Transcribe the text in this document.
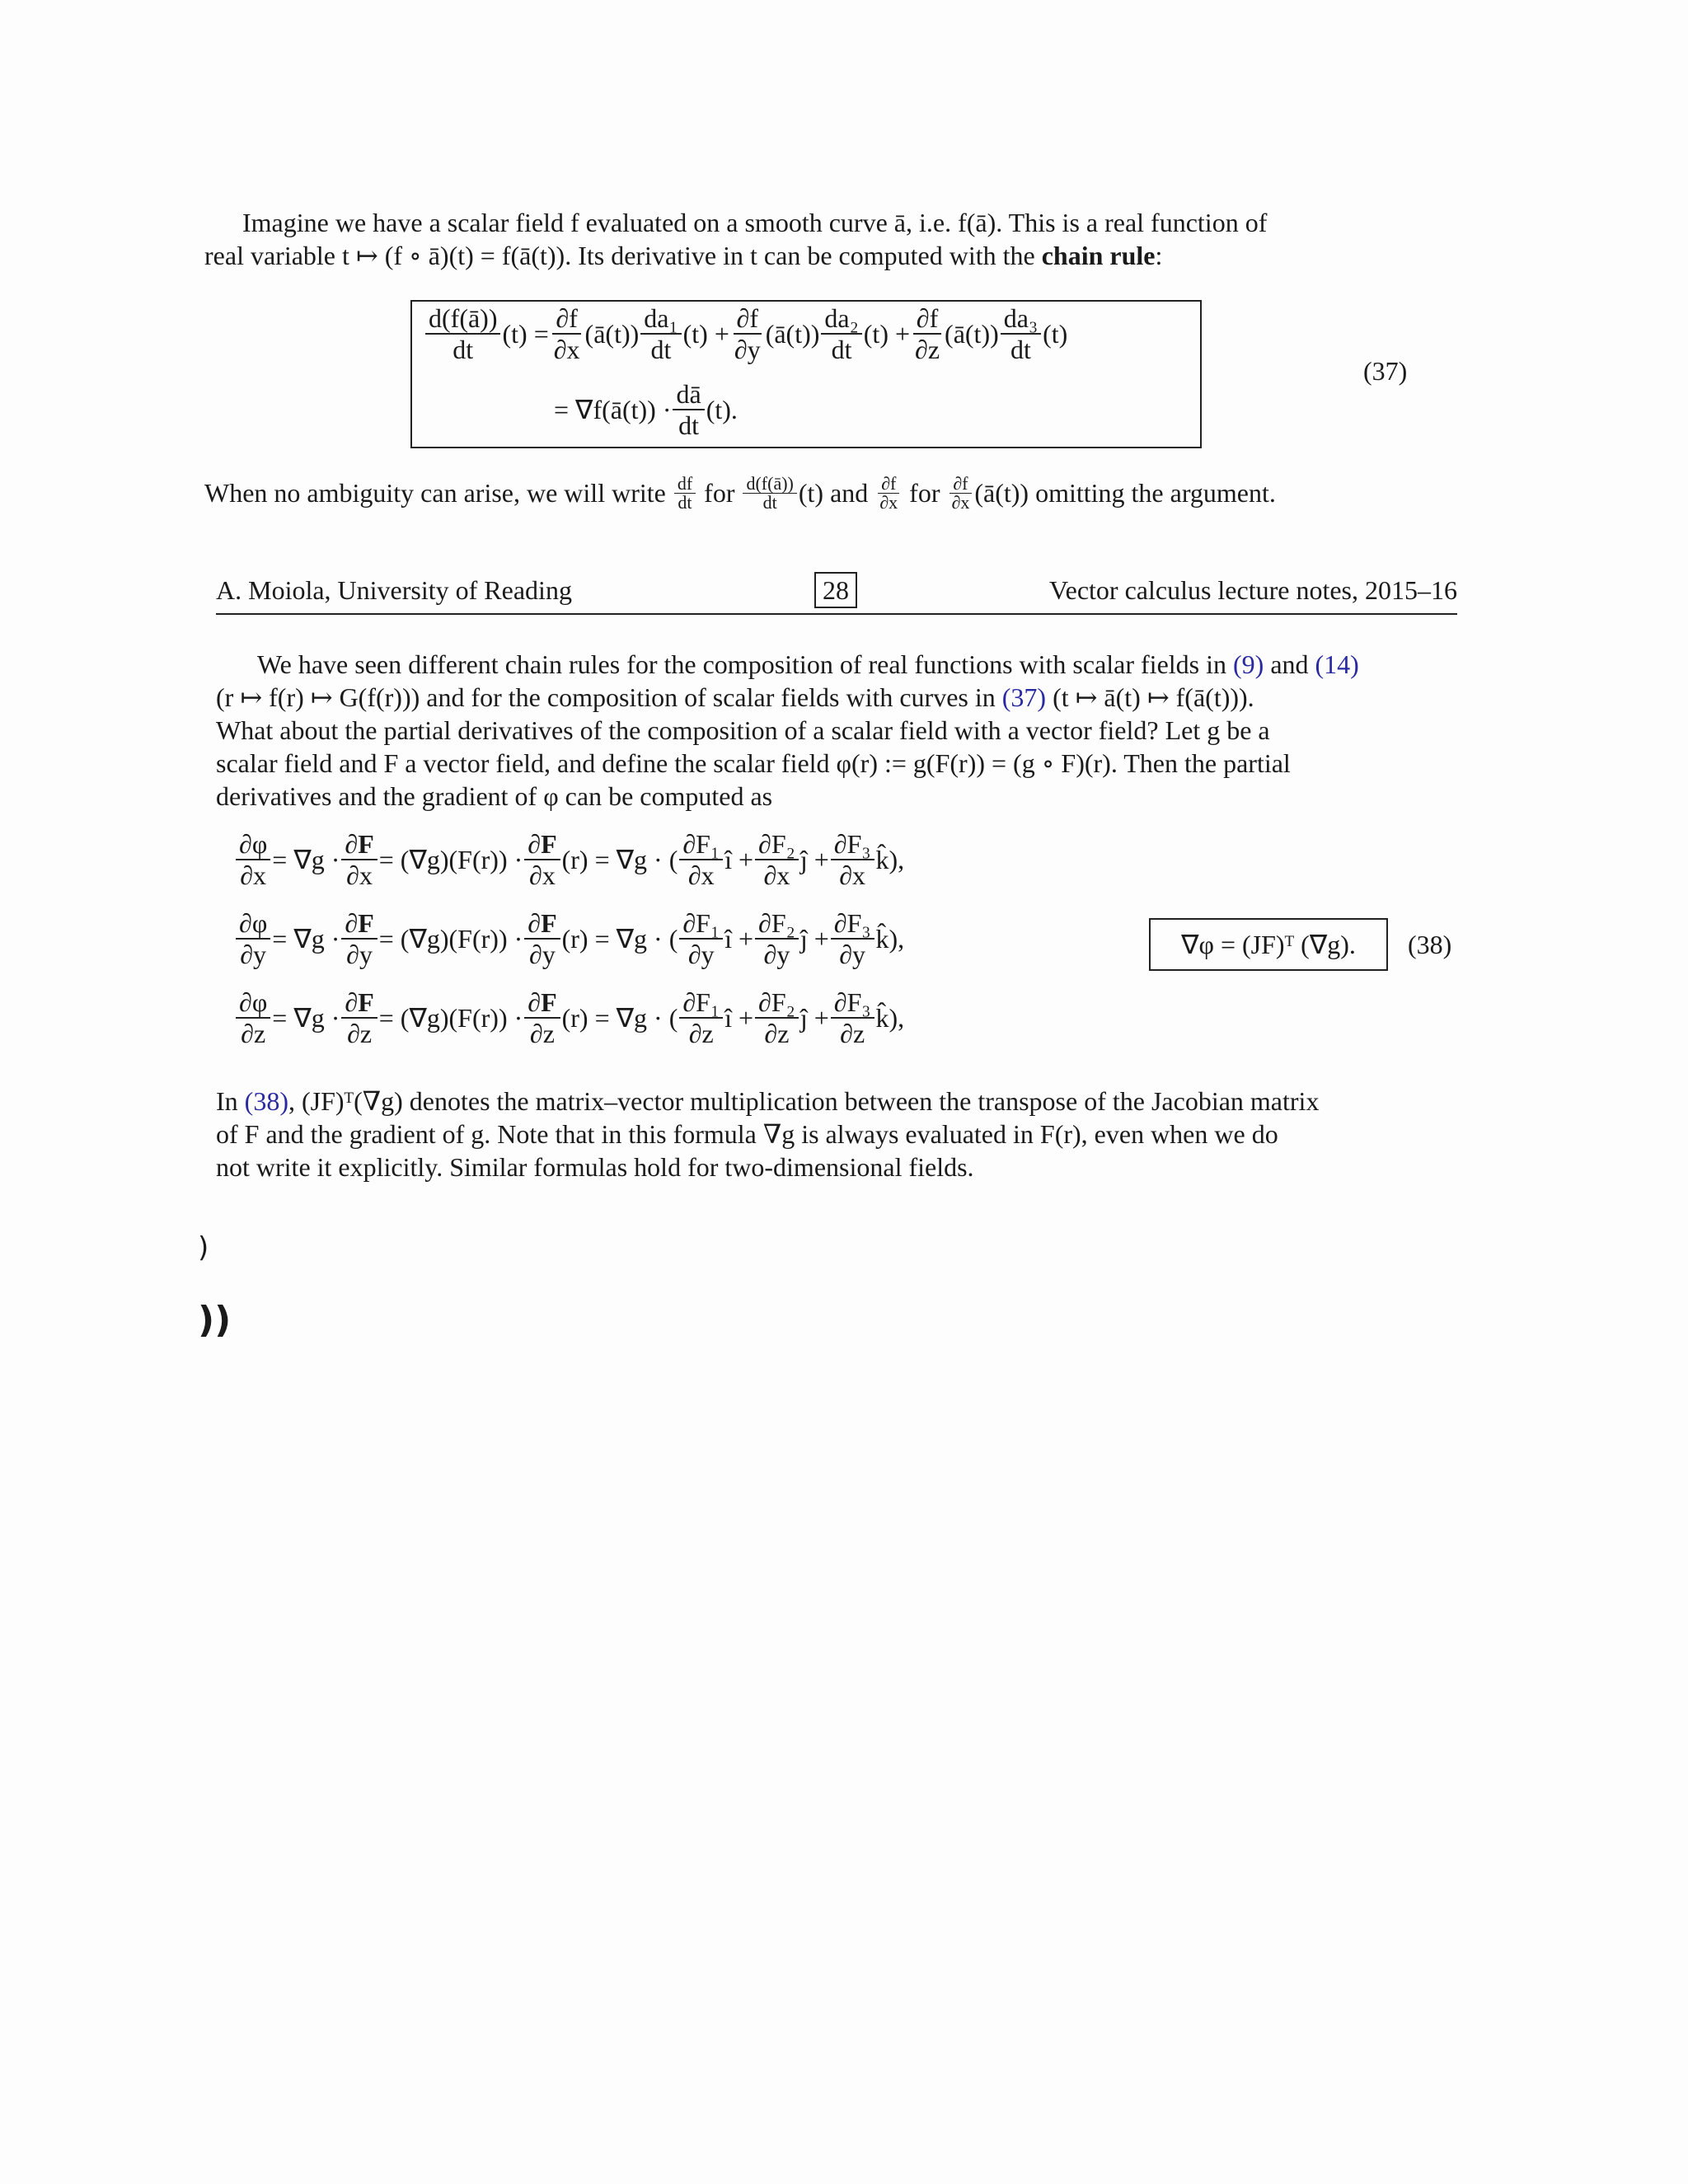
Imagine we have a scalar field f evaluated on a smooth curve ā, i.e. f(ā). This is a real function of
real variable t ↦ (f ∘ ā)(t) = f(ā(t)). Its derivative in t can be computed with the chain rule:
$\frac{d(f(ā))}{dt} (t) = \frac{\partial f}{\partial x}$ (ā(t)) $\frac{\text{da₁}}{dt} (t) + \frac{\partial f}{\partial y}$ (ā(t)) $\frac{\text{da₂}}{dt} (t) + \frac{\partial f}{\partial z}$ (ā(t)) $\frac{\text{da₃}}{dt} (t)$
= ∇f(ā(t)) · $\frac{dā}{dt} (t)$.
(37)
When no ambiguity can arise, we will write
$\frac{df}{dt}$
for
$\frac{d(f(ā))}{dt} (t)$ and
$\frac{\partial f}{\partial x}$
for
$\frac{\partial f}{\partial x}$ (ā(t)) omitting the argument.
A. Moiola, University of Reading	28	Vector calculus lecture notes, 2015–16
We have seen different chain rules for the composition of real functions with scalar fields in (9) and (14)
(r ↦ f(r) ↦ G(f(r))) and for the composition of scalar fields with curves in (37) (t ↦ ā(t) ↦ f(ā(t))).
What about the partial derivatives of the composition of a scalar field with a vector field? Let g be a
scalar field and F a vector field, and define the scalar field φ(r) := g(F(r)) = (g ∘ F)(r). Then the partial
derivatives and the gradient of φ can be computed as
$\frac{\partial\varphi}{\partial x} = \nabla g \cdot \frac{\partial F}{\partial x} = (\nabla g)(F(r)) \cdot \frac{\partial F}{\partial x} (r) = \nabla g$ · ( $\frac{\text{∂F₁}}{\partial x}$ î + $\frac{\text{∂F₂}}{\partial x}$ ĵ + $\frac{\text{∂F₃}}{\partial x}$ k̂),
$\frac{\partial\varphi}{\partial y} = \nabla g \cdot \frac{\partial F}{\partial y} = (\nabla g)(F(r)) \cdot \frac{\partial F}{\partial y} (r) = \nabla g$ · ( $\frac{\text{∂F₁}}{\partial y}$ î + $\frac{\text{∂F₂}}{\partial y}$ ĵ + $\frac{\text{∂F₃}}{\partial y}$ k̂),
$\frac{\partial\varphi}{\partial z} = \nabla g \cdot \frac{\partial F}{\partial z} = (\nabla g)(F(r)) \cdot \frac{\partial F}{\partial z} (r) = \nabla g$ · ( $\frac{\text{∂F₁}}{\partial z}$ î + $\frac{\text{∂F₂}}{\partial z}$ ĵ + $\frac{\text{∂F₃}}{\partial z}$ k̂),
∇φ = (JF)ᵀ (∇g).	(38)
In (38), (JF)ᵀ(∇g) denotes the matrix–vector multiplication between the transpose of the Jacobian matrix
of F and the gradient of g. Note that in this formula ∇g is always evaluated in F(r), even when we do
not write it explicitly. Similar formulas hold for two-dimensional fields.
)
))
